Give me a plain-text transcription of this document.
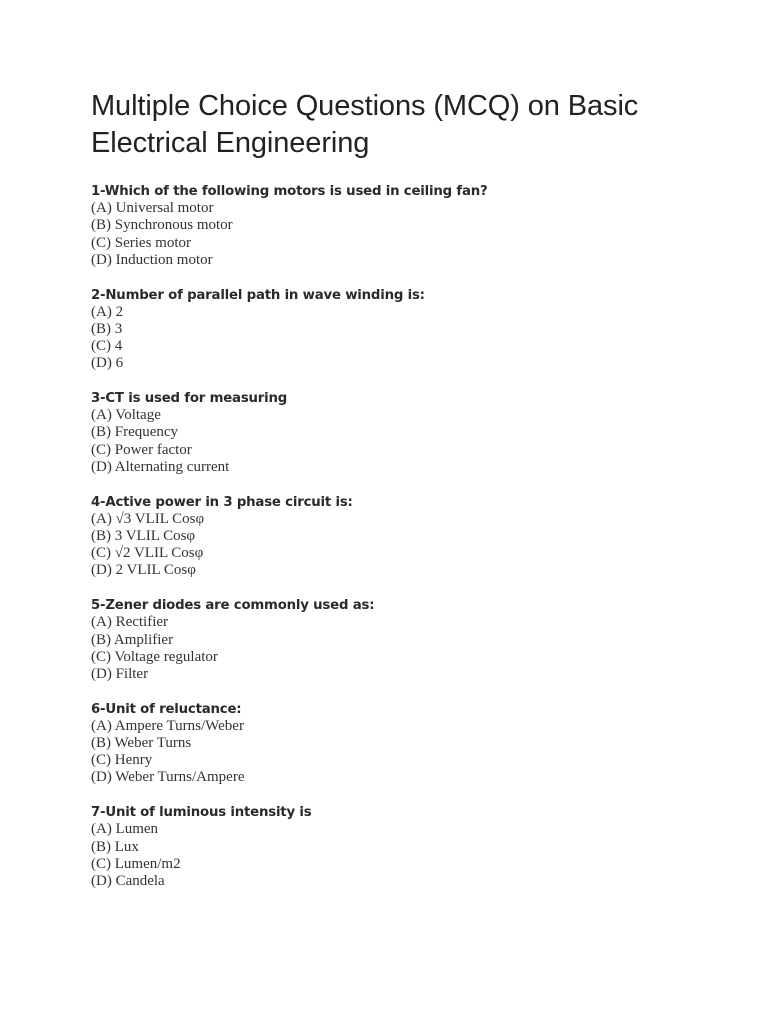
Multiple Choice Questions (MCQ) on Basic Electrical Engineering
1-Which of the following motors is used in ceiling fan?
(A) Universal motor
(B) Synchronous motor
(C) Series motor
(D) Induction motor
2-Number of parallel path in wave winding is:
(A) 2
(B) 3
(C) 4
(D) 6
3-CT is used for measuring
(A) Voltage
(B) Frequency
(C) Power factor
(D) Alternating current
4-Active power in 3 phase circuit is:
(A) √3 VLIL Cosφ
(B) 3 VLIL Cosφ
(C) √2 VLIL Cosφ
(D) 2 VLIL Cosφ
5-Zener diodes are commonly used as:
(A) Rectifier
(B) Amplifier
(C) Voltage regulator
(D) Filter
6-Unit of reluctance:
(A) Ampere Turns/Weber
(B) Weber Turns
(C) Henry
(D) Weber Turns/Ampere
7-Unit of luminous intensity is
(A) Lumen
(B) Lux
(C) Lumen/m2
(D) Candela
